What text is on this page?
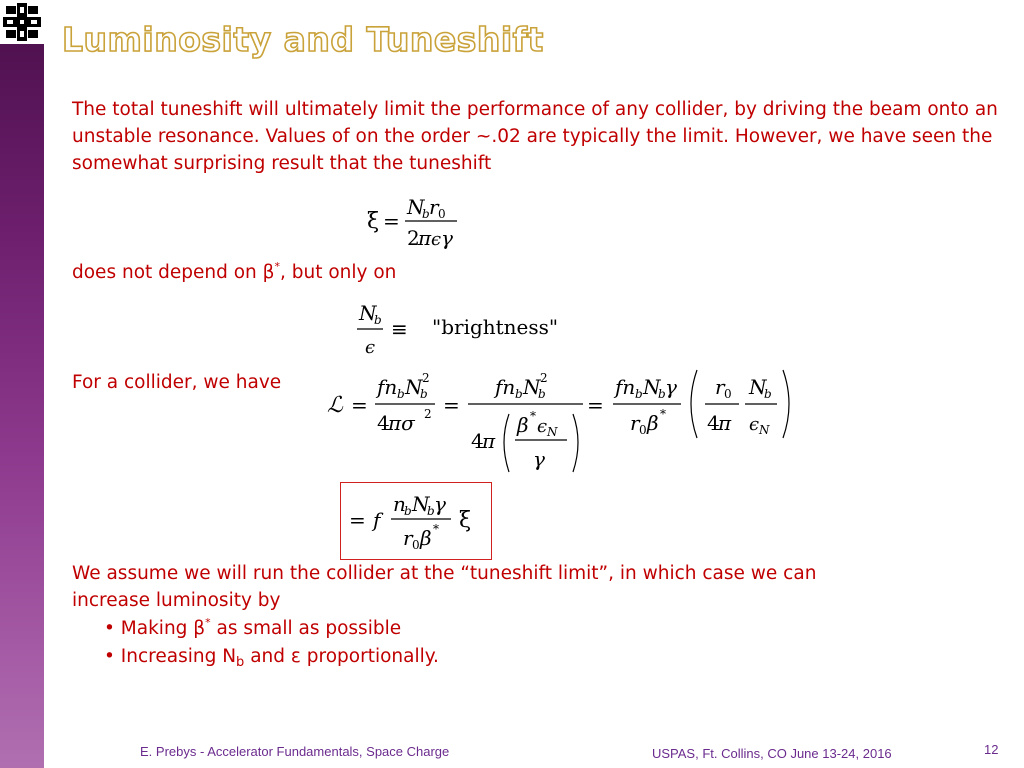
Luminosity and Tuneshift
The total tuneshift will ultimately limit the performance of any collider, by driving the beam onto an unstable resonance. Values of on the order ~.02 are typically the limit. However, we have seen the somewhat surprising result that the tuneshift
ξ =
N
b r 0
2
π ϵ γ
does not depend on β*, but only on
N
b
ϵ
≡ "brightness"
For a collider, we have
ℒ =
fn b N
b
2
4
πσ 2 =
fn b N
b
2
4
π
β * ϵ N
γ
=
fn b N
b γ
r 0 β *
r 0
4
π
N
b
ϵ N
= f
n
b N
b γ
r 0 β * ξ
We assume we will run the collider at the “tuneshift limit”, in which case we can
increase luminosity by
• Making β* as small as possible
• Increasing $N_b$ and ε proportionally.
E. Prebys - Accelerator Fundamentals, Space Charge	USPAS, Ft. Collins, CO June 13-24, 2016	12
